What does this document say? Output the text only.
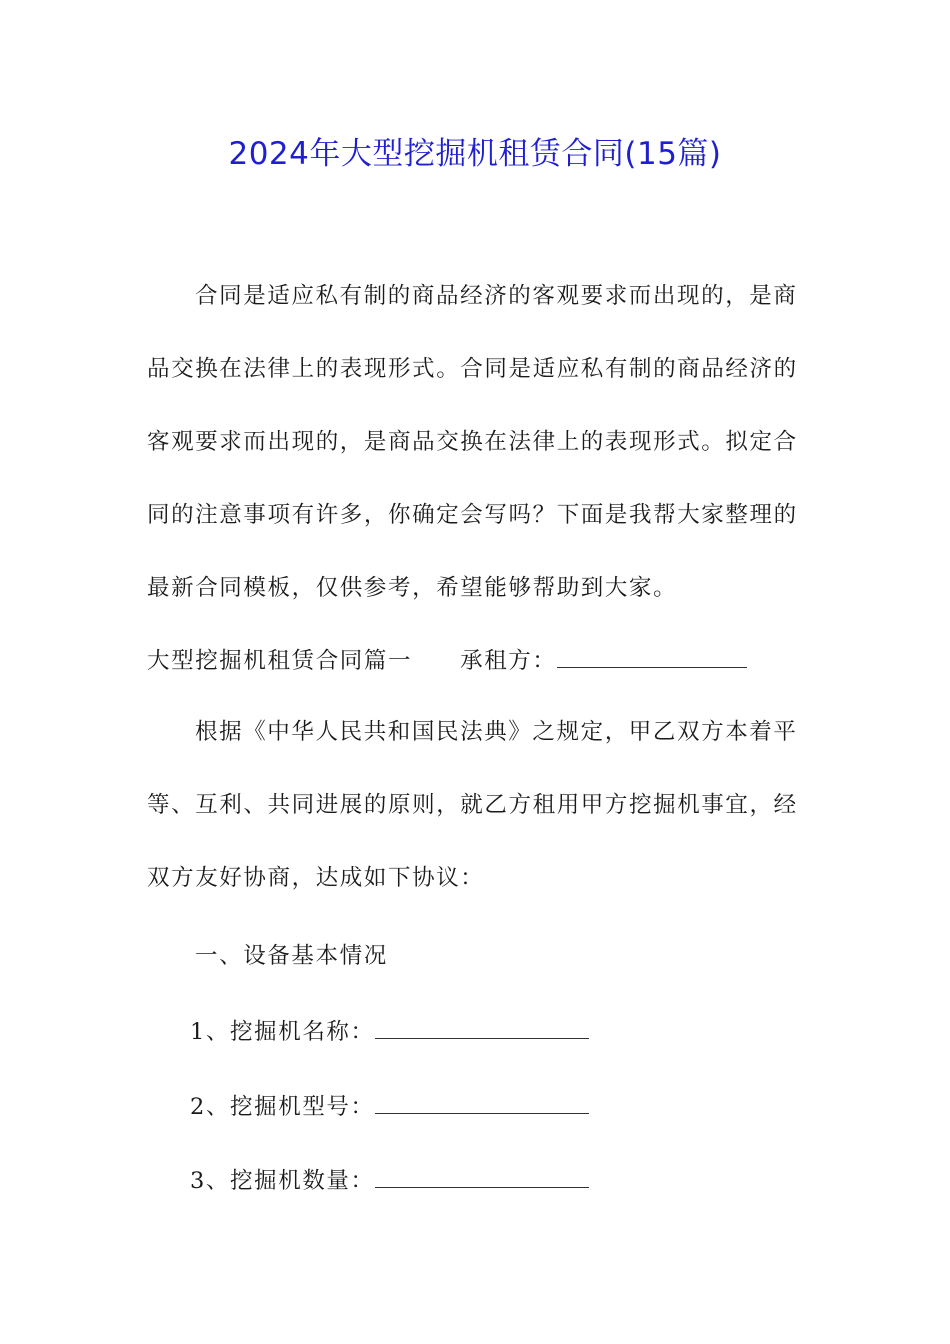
2024年大型挖掘机租赁合同(15篇)

合同是适应私有制的商品经济的客观要求而出现的，是商品交换在法律上的表现形式。合同是适应私有制的商品经济的客观要求而出现的，是商品交换在法律上的表现形式。拟定合同的注意事项有许多，你确定会写吗？下面是我帮大家整理的最新合同模板，仅供参考，希望能够帮助到大家。

大型挖掘机租赁合同篇一 承租方：

根据《中华人民共和国民法典》之规定，甲乙双方本着平等、互利、共同进展的原则，就乙方租用甲方挖掘机事宜，经双方友好协商，达成如下协议：

一、设备基本情况

1、挖掘机名称：

2、挖掘机型号：

3、挖掘机数量：
